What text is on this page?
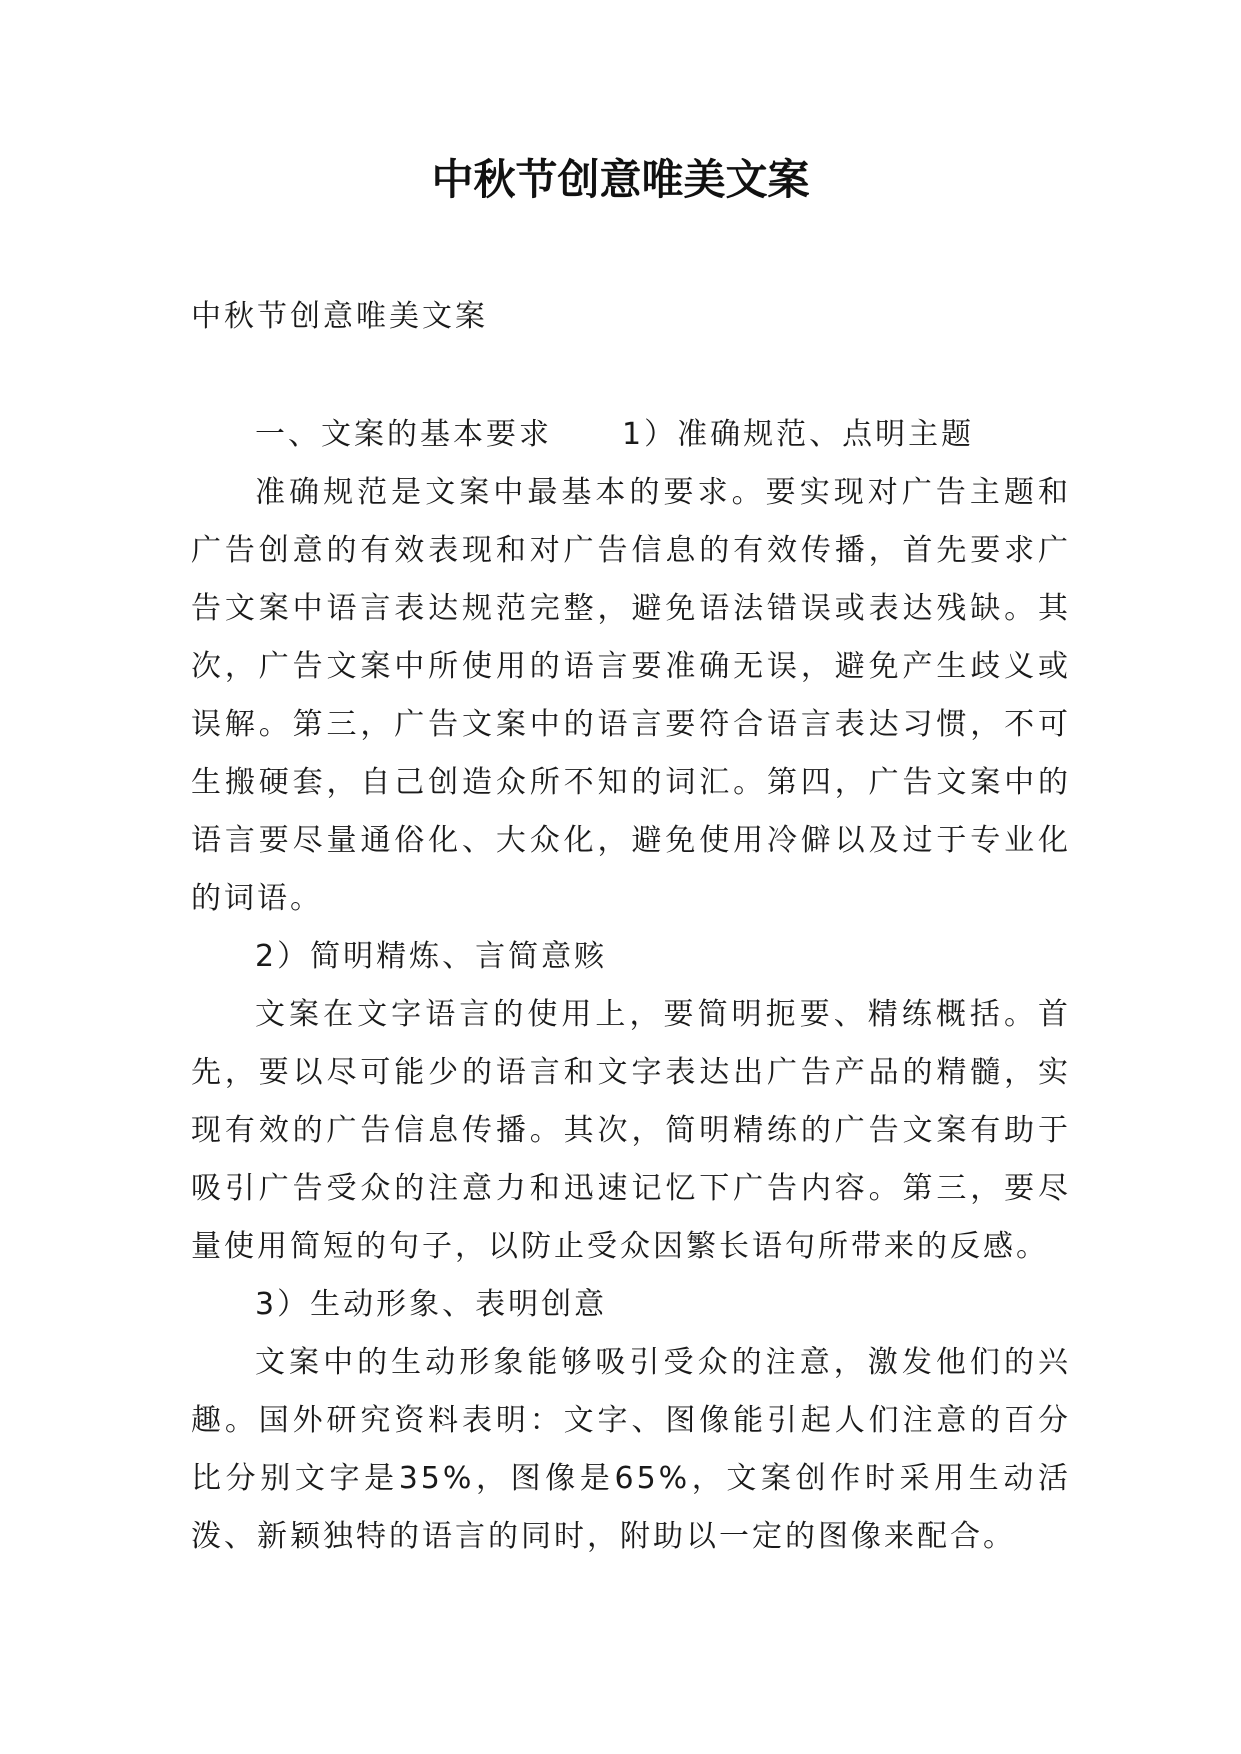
中秋节创意唯美文案

中秋节创意唯美文案

一、文案的基本要求 1）准确规范、点明主题

准确规范是文案中最基本的要求。要实现对广告主题和广告创意的有效表现和对广告信息的有效传播，首先要求广告文案中语言表达规范完整，避免语法错误或表达残缺。其次，广告文案中所使用的语言要准确无误，避免产生歧义或误解。第三，广告文案中的语言要符合语言表达习惯，不可生搬硬套，自己创造众所不知的词汇。第四，广告文案中的语言要尽量通俗化、大众化，避免使用冷僻以及过于专业化的词语。

2）简明精炼、言简意赅

文案在文字语言的使用上，要简明扼要、精练概括。首先，要以尽可能少的语言和文字表达出广告产品的精髓，实现有效的广告信息传播。其次，简明精练的广告文案有助于吸引广告受众的注意力和迅速记忆下广告内容。第三，要尽量使用简短的句子，以防止受众因繁长语句所带来的反感。

3）生动形象、表明创意

文案中的生动形象能够吸引受众的注意，激发他们的兴趣。国外研究资料表明：文字、图像能引起人们注意的百分比分别文字是35%，图像是65%，文案创作时采用生动活泼、新颖独特的语言的同时，附助以一定的图像来配合。
